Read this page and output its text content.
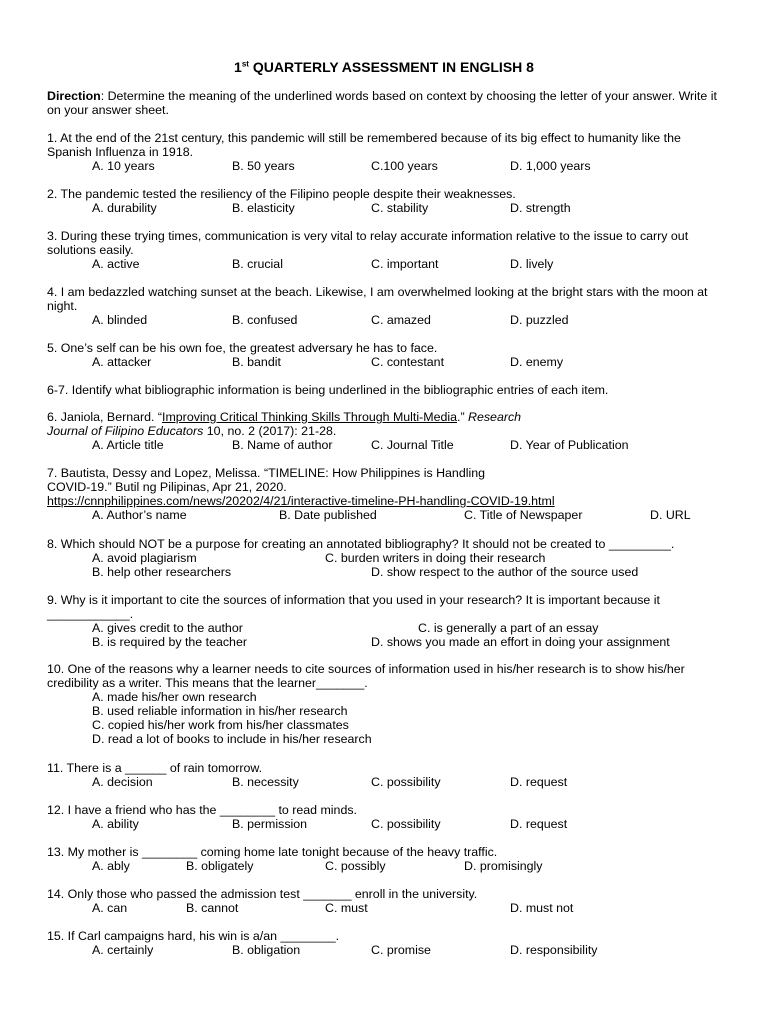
1st QUARTERLY ASSESSMENT IN ENGLISH 8
Direction: Determine the meaning of the underlined words based on context by choosing the letter of your answer. Write it on your answer sheet.
1. At the end of the 21st century, this pandemic will still be remembered because of its big effect to humanity like the Spanish Influenza in 1918.
A. 10 years	B. 50 years	C.100 years	D. 1,000 years
2. The pandemic tested the resiliency of the Filipino people despite their weaknesses.
A. durability	B. elasticity	C. stability	D. strength
3. During these trying times, communication is very vital to relay accurate information relative to the issue to carry out solutions easily.
A. active	B. crucial	C. important	D. lively
4. I am bedazzled watching sunset at the beach. Likewise, I am overwhelmed looking at the bright stars with the moon at night.
A. blinded	B. confused	C. amazed	D. puzzled
5. One’s self can be his own foe, the greatest adversary he has to face.
A. attacker	B. bandit	C. contestant	D. enemy
6-7. Identify what bibliographic information is being underlined in the bibliographic entries of each item.
6. Janiola, Bernard. “Improving Critical Thinking Skills Through Multi-Media.” Research
Journal of Filipino Educators 10, no. 2 (2017): 21-28.
A. Article title	B. Name of author	C. Journal Title	D. Year of Publication
7. Bautista, Dessy and Lopez, Melissa. “TIMELINE: How Philippines is Handling
COVID-19.” Butil ng Pilipinas, Apr 21, 2020.
https://cnnphilippines.com/news/20202/4/21/interactive-timeline-PH-handling-COVID-19.html
A. Author’s name	B. Date published	C. Title of Newspaper	D. URL
8. Which should NOT be a purpose for creating an annotated bibliography? It should not be created to _________.
A. avoid plagiarism	C. burden writers in doing their research
B. help other researchers	D. show respect to the author of the source used
9. Why is it important to cite the sources of information that you used in your research? It is important because it ____________.
A. gives credit to the author	C. is generally a part of an essay
B. is required by the teacher	D. shows you made an effort in doing your assignment
10. One of the reasons why a learner needs to cite sources of information used in his/her research is to show his/her credibility as a writer. This means that the learner_______.
A. made his/her own research
B. used reliable information in his/her research
C. copied his/her work from his/her classmates
D. read a lot of books to include in his/her research
11. There is a ______ of rain tomorrow.
A. decision	B. necessity	C. possibility	D. request
12. I have a friend who has the ________ to read minds.
A. ability	B. permission	C. possibility	D. request
13. My mother is ________ coming home late tonight because of the heavy traffic.
A. ably	B. obligately	C. possibly	D. promisingly
14. Only those who passed the admission test _______ enroll in the university.
A. can	B. cannot	C. must	D. must not
15. If Carl campaigns hard, his win is a/an ________.
A. certainly	B. obligation	C. promise	D. responsibility
